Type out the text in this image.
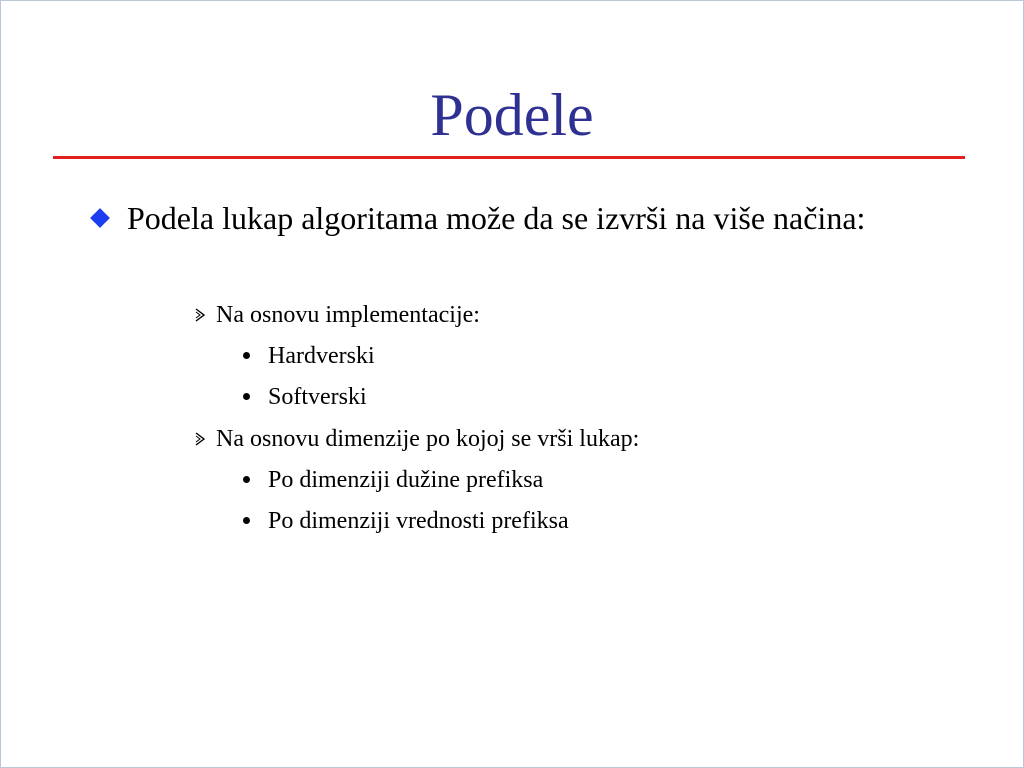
Podele
Podela lukap algoritama može da se izvrši na više načina:
Na osnovu implementacije:
Hardverski
Softverski
Na osnovu dimenzije po kojoj se vrši lukap:
Po dimenziji dužine prefiksa
Po dimenziji vrednosti prefiksa
